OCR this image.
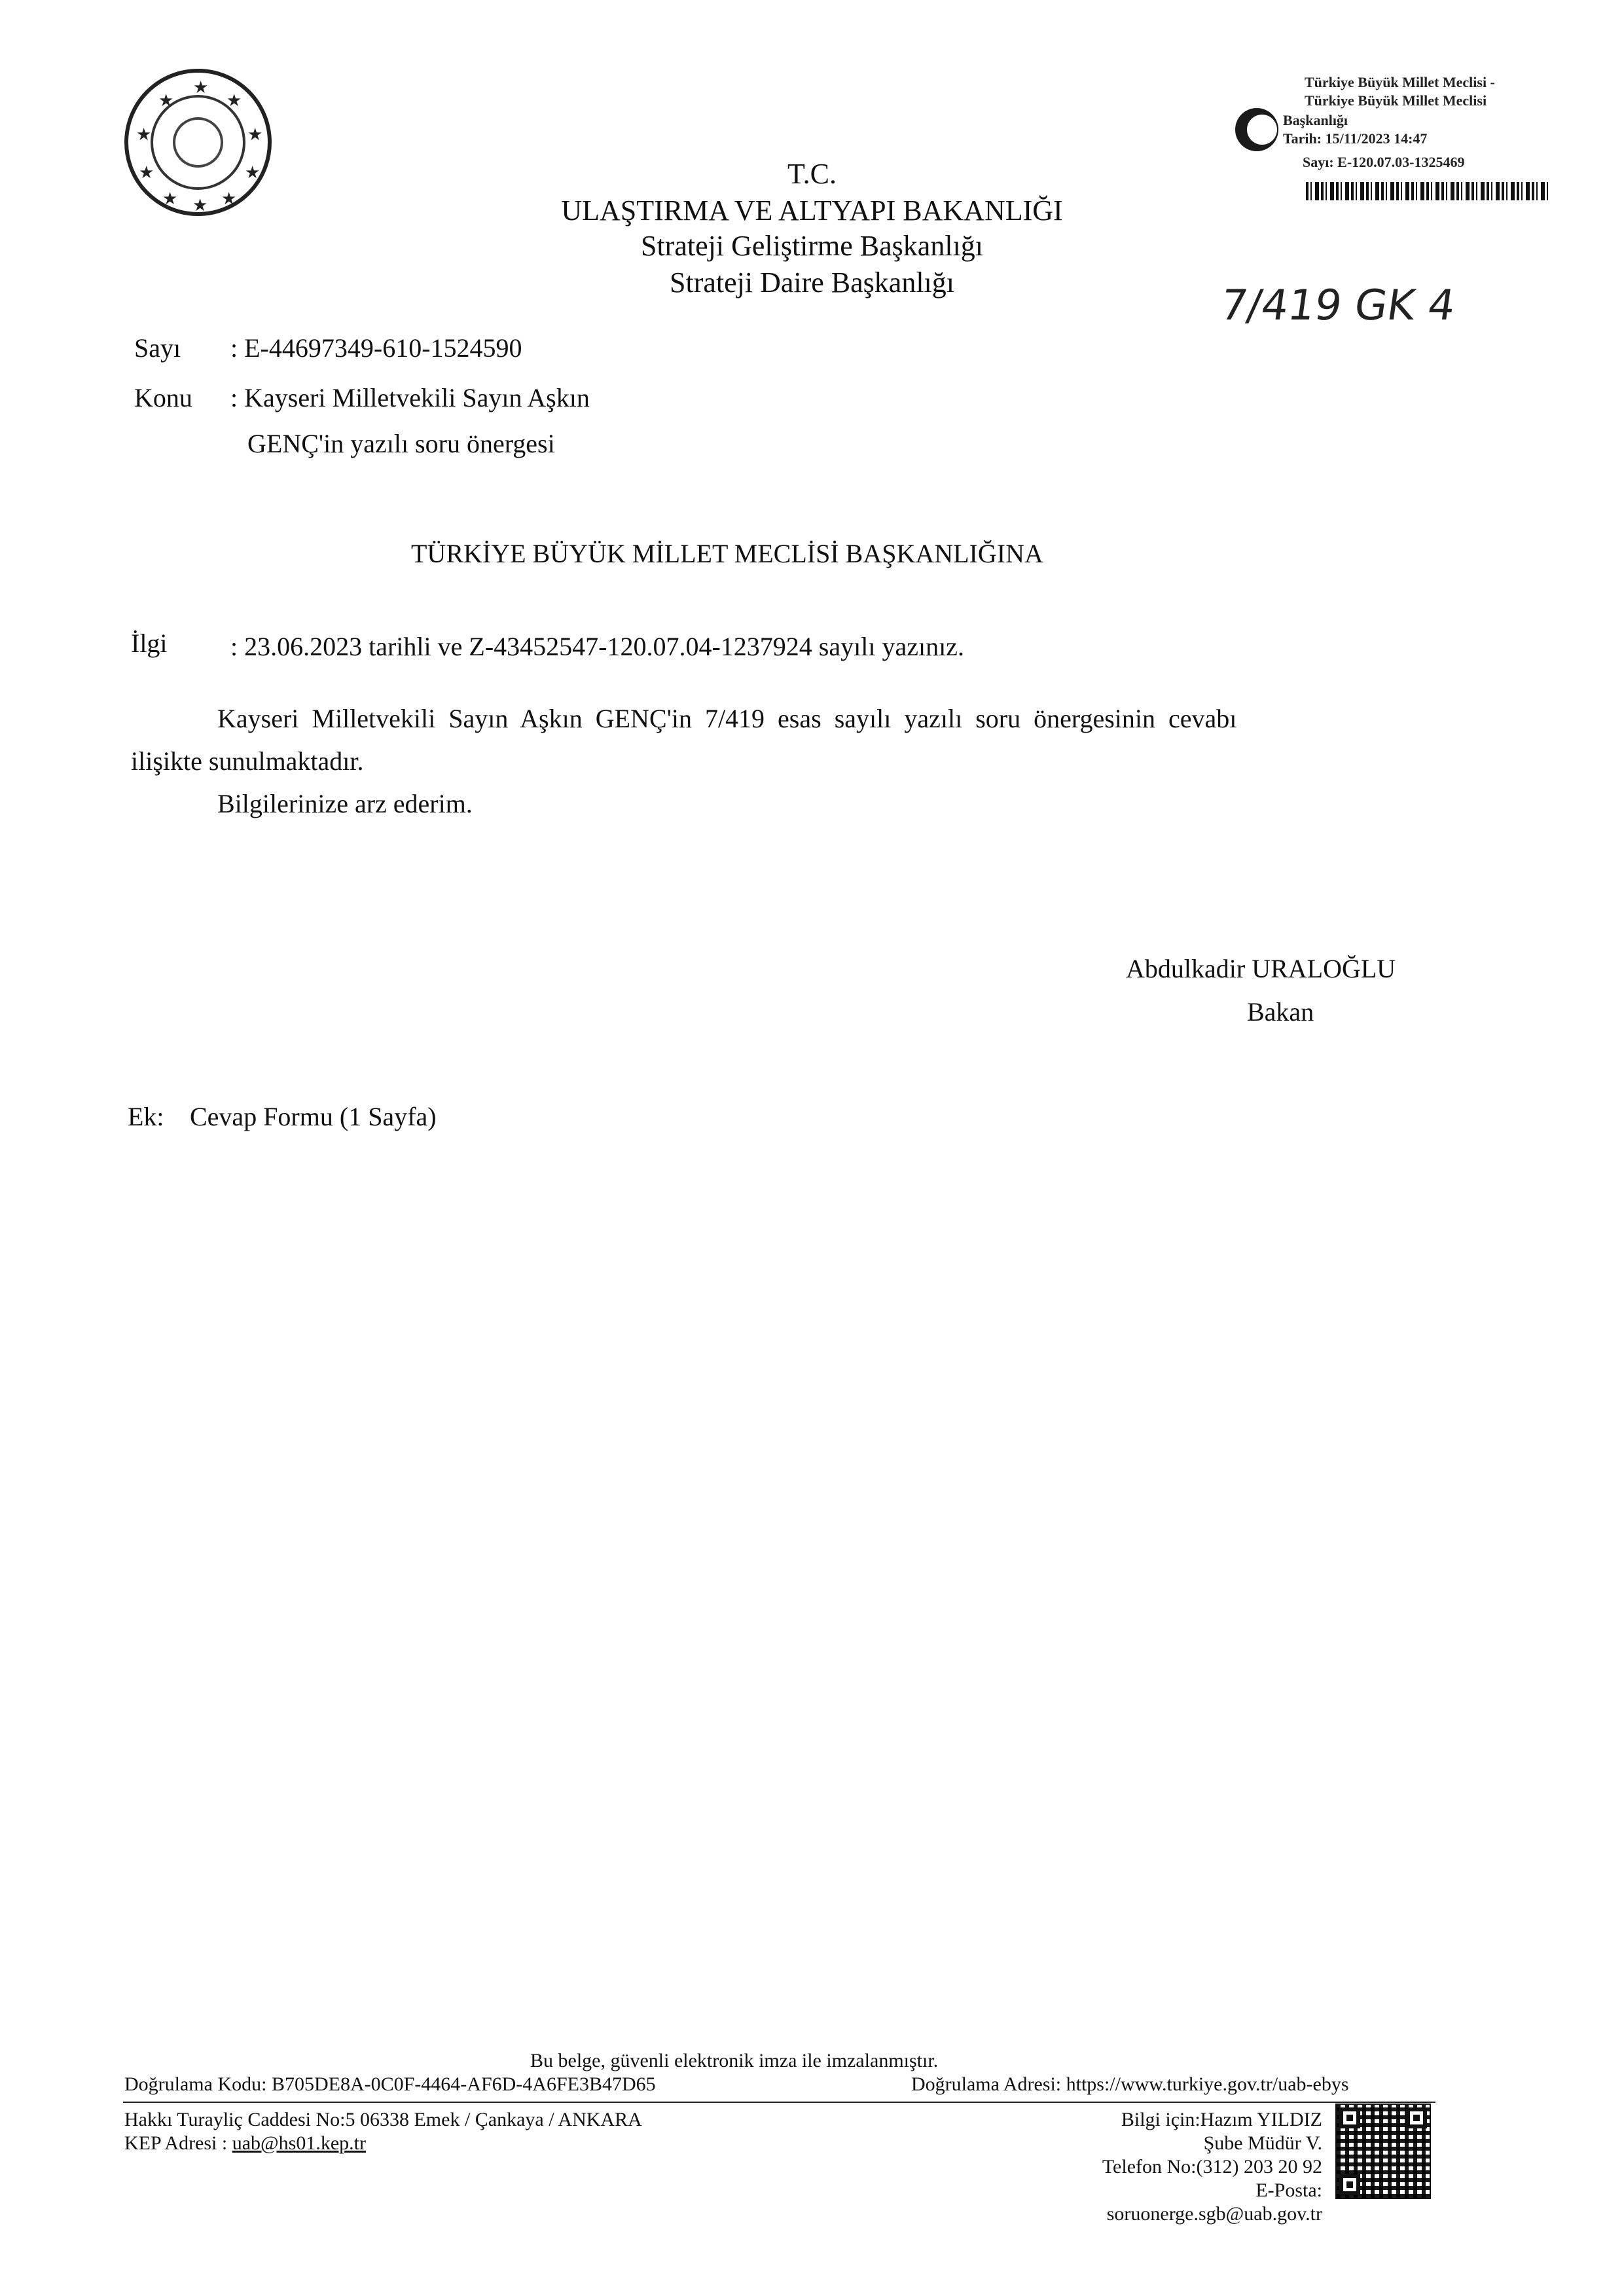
★
★
★
★
★
★
★
★
★
★
Türkiye Büyük Millet Meclisi -
Türkiye Büyük Millet Meclisi
Başkanlığı
Tarih: 15/11/2023 14:47
Sayı: E-120.07.03-1325469
7/419 GK 4
T.C.
ULAŞTIRMA VE ALTYAPI BAKANLIĞI
Strateji Geliştirme Başkanlığı
Strateji Daire Başkanlığı
Sayı : E-44697349-610-1524590
Konu : Kayseri Milletvekili Sayın Aşkın
GENÇ'in yazılı soru önergesi
TÜRKİYE BÜYÜK MİLLET MECLİSİ BAŞKANLIĞINA
İlgi : 23.06.2023 tarihli ve Z-43452547-120.07.04-1237924 sayılı yazınız.
Kayseri  Milletvekili  Sayın  Aşkın  GENÇ'in  7/419  esas  sayılı  yazılı  soru  önergesinin  cevabı
ilişikte sunulmaktadır.
Bilgilerinize arz ederim.
Abdulkadir URALOĞLU
Bakan
Ek: Cevap Formu (1 Sayfa)
Bu belge, güvenli elektronik imza ile imzalanmıştır.
Doğrulama Kodu: B705DE8A-0C0F-4464-AF6D-4A6FE3B47D65	Doğrulama Adresi: https://www.turkiye.gov.tr/uab-ebys
Hakkı Turayliç Caddesi No:5 06338 Emek / Çankaya / ANKARA
KEP Adresi : uab@hs01.kep.tr
Bilgi için:Hazım YILDIZ
Şube Müdür V.
Telefon No:(312) 203 20 92
E-Posta:
soruonerge.sgb@uab.gov.tr
